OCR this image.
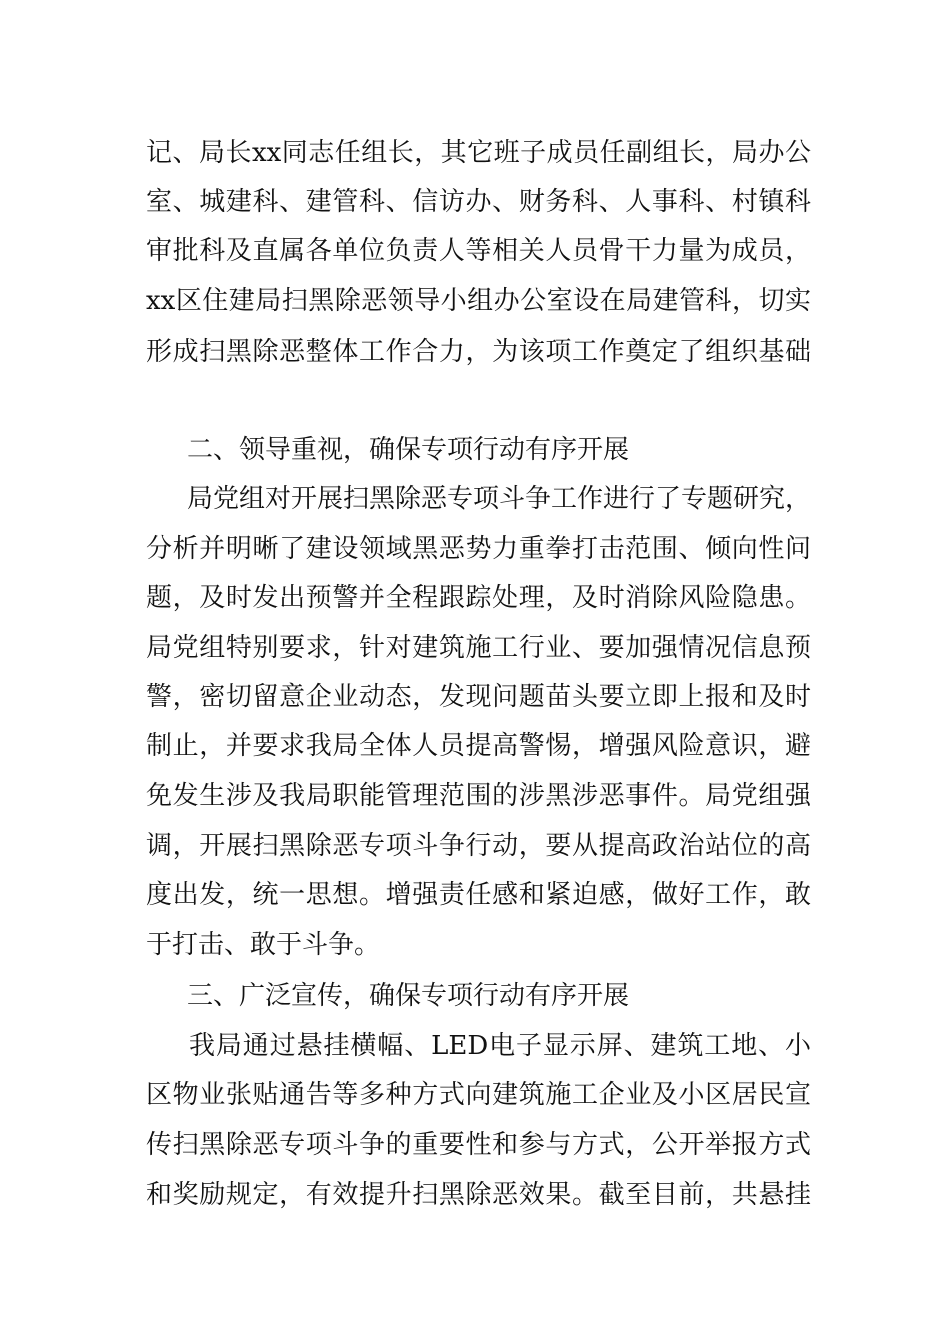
记、局长xx同志任组长，其它班子成员任副组长，局办公
室、城建科、建管科、信访办、财务科、人事科、村镇科
审批科及直属各单位负责人等相关人员骨干力量为成员，
xx区住建局扫黑除恶领导小组办公室设在局建管科，切实
形成扫黑除恶整体工作合力，为该项工作奠定了组织基础
二、领导重视，确保专项行动有序开展
局党组对开展扫黑除恶专项斗争工作进行了专题研究，
分析并明晰了建设领域黑恶势力重拳打击范围、倾向性问
题，及时发出预警并全程跟踪处理，及时消除风险隐患。
局党组特别要求，针对建筑施工行业、要加强情况信息预
警，密切留意企业动态，发现问题苗头要立即上报和及时
制止，并要求我局全体人员提高警惕，增强风险意识，避
免发生涉及我局职能管理范围的涉黑涉恶事件。局党组强
调，开展扫黑除恶专项斗争行动，要从提高政治站位的高
度出发，统一思想。增强责任感和紧迫感，做好工作，敢
于打击、敢于斗争。
三、广泛宣传，确保专项行动有序开展
我局通过悬挂横幅、LED电子显示屏、建筑工地、小
区物业张贴通告等多种方式向建筑施工企业及小区居民宣
传扫黑除恶专项斗争的重要性和参与方式，公开举报方式
和奖励规定，有效提升扫黑除恶效果。截至目前，共悬挂
